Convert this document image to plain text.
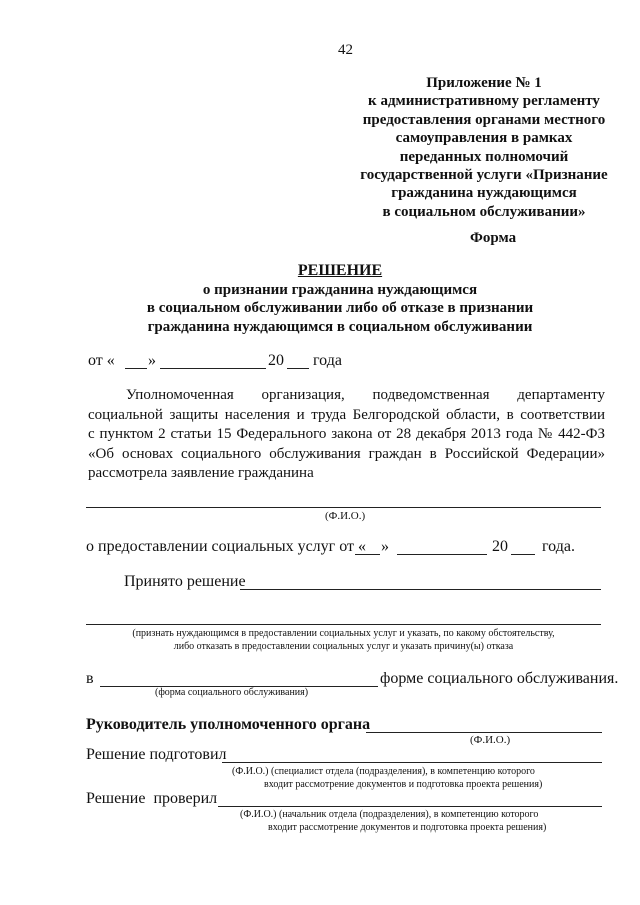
42
Приложение № 1
к административному регламенту
предоставления органами местного
самоуправления в рамках
переданных полномочий
государственной услуги «Признание
гражданина нуждающимся
в социальном обслуживании»
Форма
РЕШЕНИЕ
о признании гражданина нуждающимся
в социальном обслуживании либо об отказе в признании
гражданина нуждающимся в социальном обслуживании
от « »	20 года
Уполномоченная организация, подведомственная департаменту
социальной защиты населения и труда Белгородской области, в соответствии
с пунктом 2 статьи 15 Федерального закона от 28 декабря 2013 года № 442-ФЗ
«Об основах социального обслуживания граждан в Российской Федерации»
рассмотрела заявление гражданина
(Ф.И.О.)
о предоставлении социальных услуг от « »	20 года.
Принято решение
(признать нуждающимся в предоставлении социальных услуг и указать, по какому обстоятельству,
либо отказать в предоставлении социальных услуг и указать причину(ы) отказа
в	форме социального обслуживания.
(форма социального обслуживания)
Руководитель уполномоченного органа
(Ф.И.О.)
Решение подготовил
(Ф.И.О.) (специалист отдела (подразделения), в компетенцию которого
входит рассмотрение документов и подготовка проекта решения)
Решение проверил
(Ф.И.О.) (начальник отдела (подразделения), в компетенцию которого
входит рассмотрение документов и подготовка проекта решения)
